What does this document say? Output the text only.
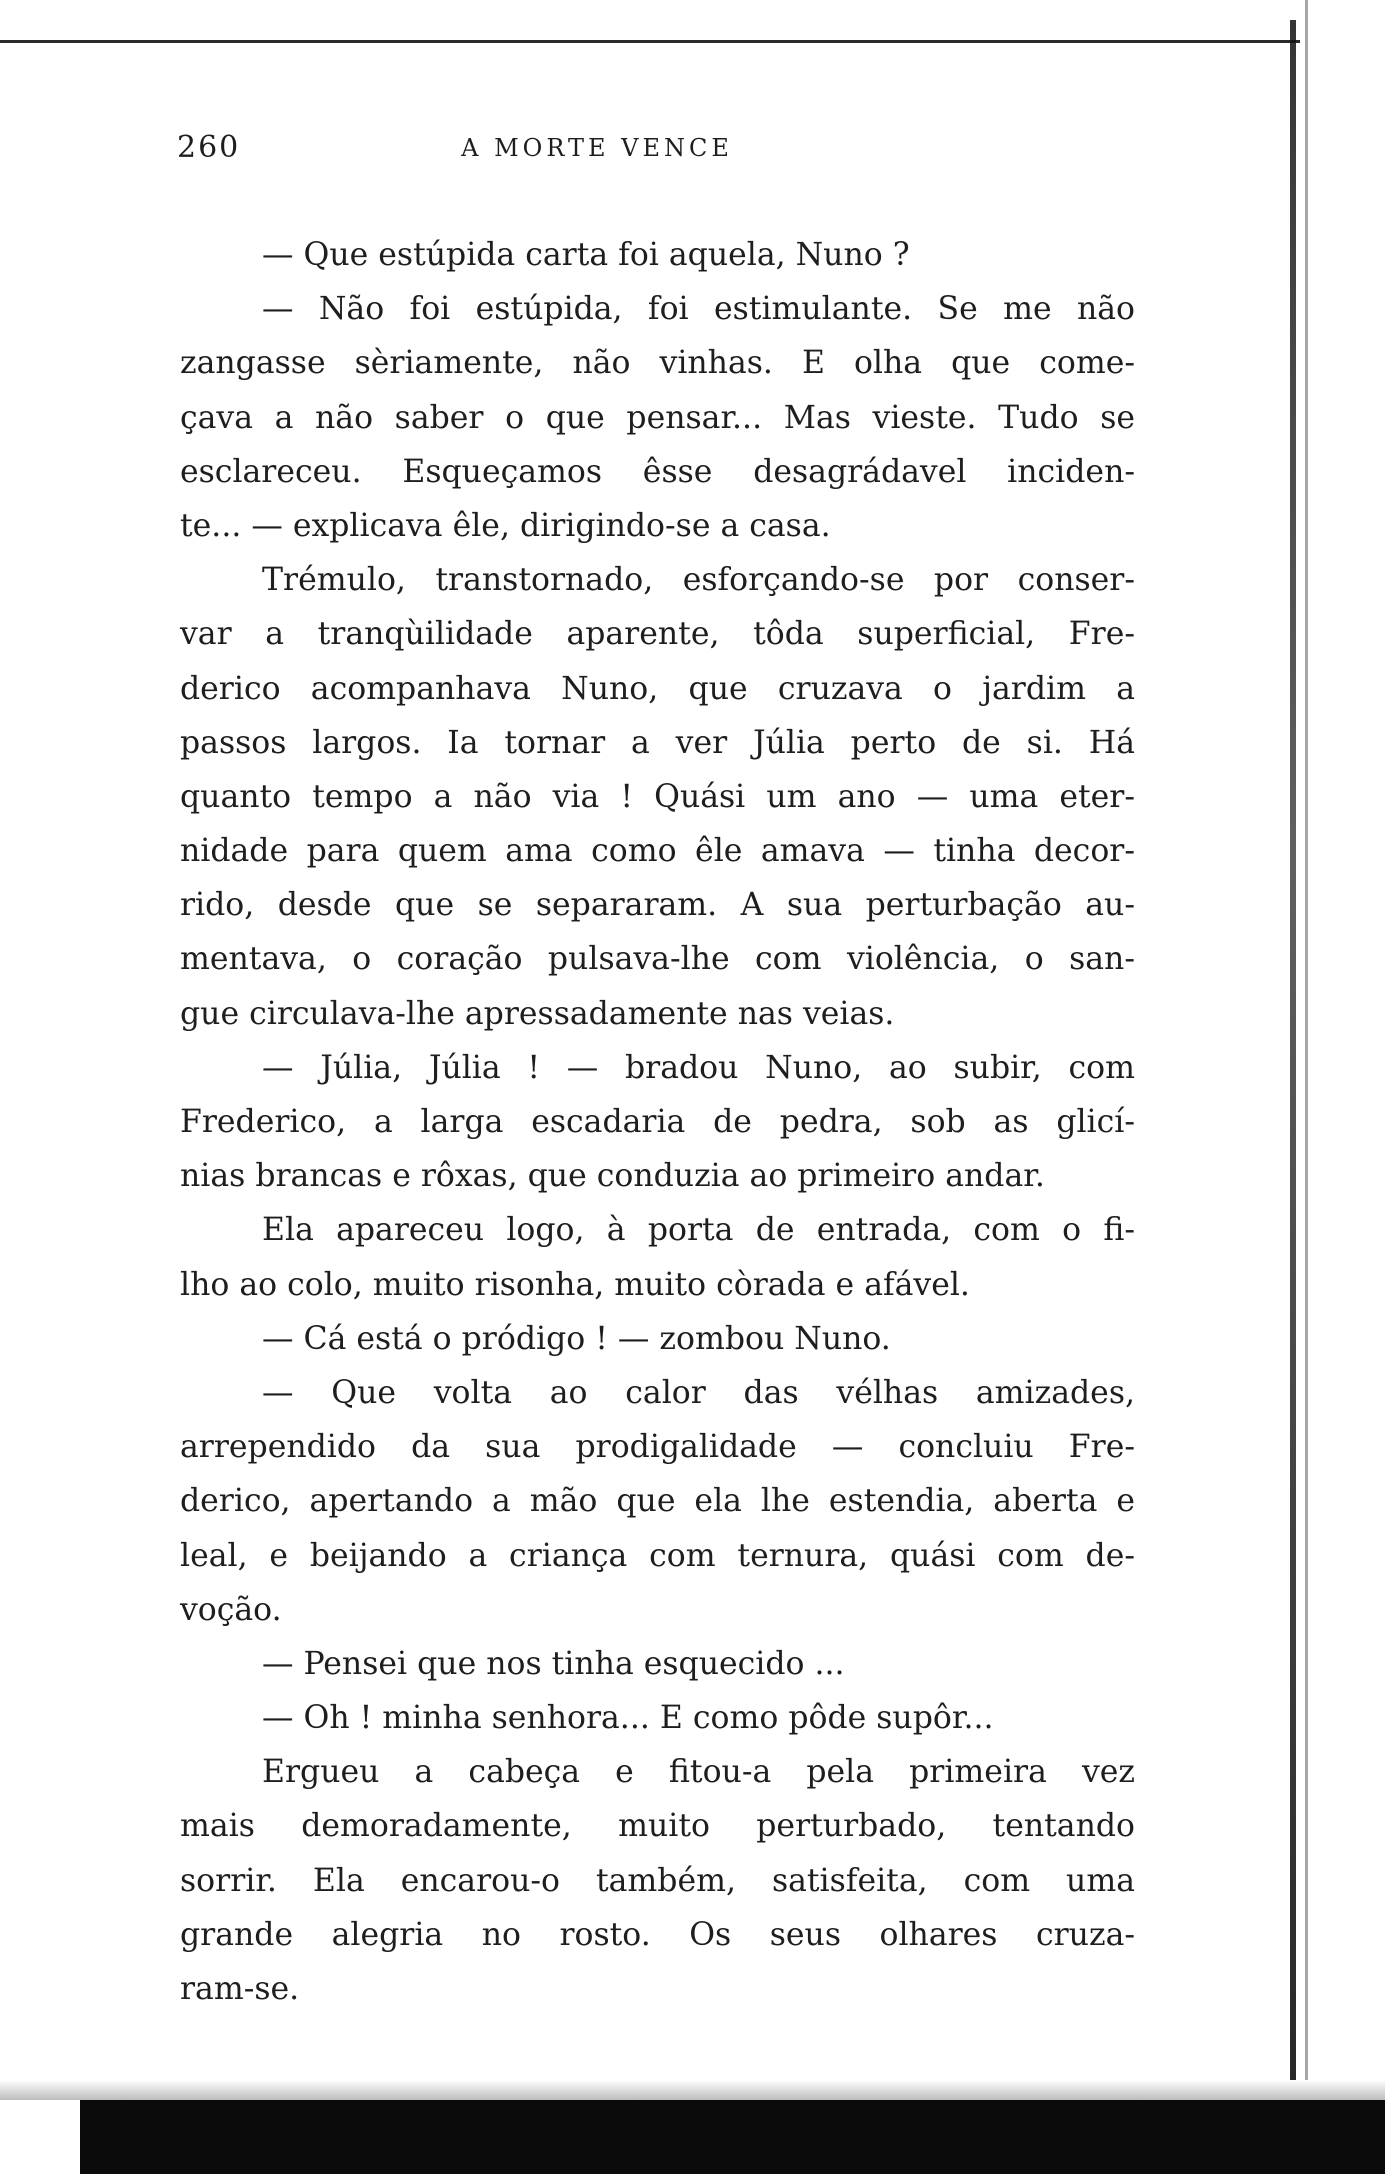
260	A MORTE VENCE
— Que estúpida carta foi aquela, Nuno ?
— Não foi estúpida, foi estimulante. Se me não
zangasse sèriamente, não vinhas. E olha que come-
çava a não saber o que pensar... Mas vieste. Tudo se
esclareceu. Esqueçamos êsse desagrádavel inciden-
te... — explicava êle, dirigindo-se a casa.
Trémulo, transtornado, esforçando-se por conser-
var a tranqùilidade aparente, tôda superficial, Fre-
derico acompanhava Nuno, que cruzava o jardim a
passos largos. Ia tornar a ver Júlia perto de si. Há
quanto tempo a não via ! Quási um ano — uma eter-
nidade para quem ama como êle amava — tinha decor-
rido, desde que se separaram. A sua perturbação au-
mentava, o coração pulsava-lhe com violência, o san-
gue circulava-lhe apressadamente nas veias.
— Júlia, Júlia ! — bradou Nuno, ao subir, com
Frederico, a larga escadaria de pedra, sob as glicí-
nias brancas e rôxas, que conduzia ao primeiro andar.
Ela apareceu logo, à porta de entrada, com o fi-
lho ao colo, muito risonha, muito còrada e afável.
— Cá está o pródigo ! — zombou Nuno.
— Que volta ao calor das vélhas amizades,
arrependido da sua prodigalidade — concluiu Fre-
derico, apertando a mão que ela lhe estendia, aberta e
leal, e beijando a criança com ternura, quási com de-
voção.
— Pensei que nos tinha esquecido ...
— Oh ! minha senhora... E como pôde supôr...
Ergueu a cabeça e fitou-a pela primeira vez
mais demoradamente, muito perturbado, tentando
sorrir. Ela encarou-o também, satisfeita, com uma
grande alegria no rosto. Os seus olhares cruza-
ram-se.
